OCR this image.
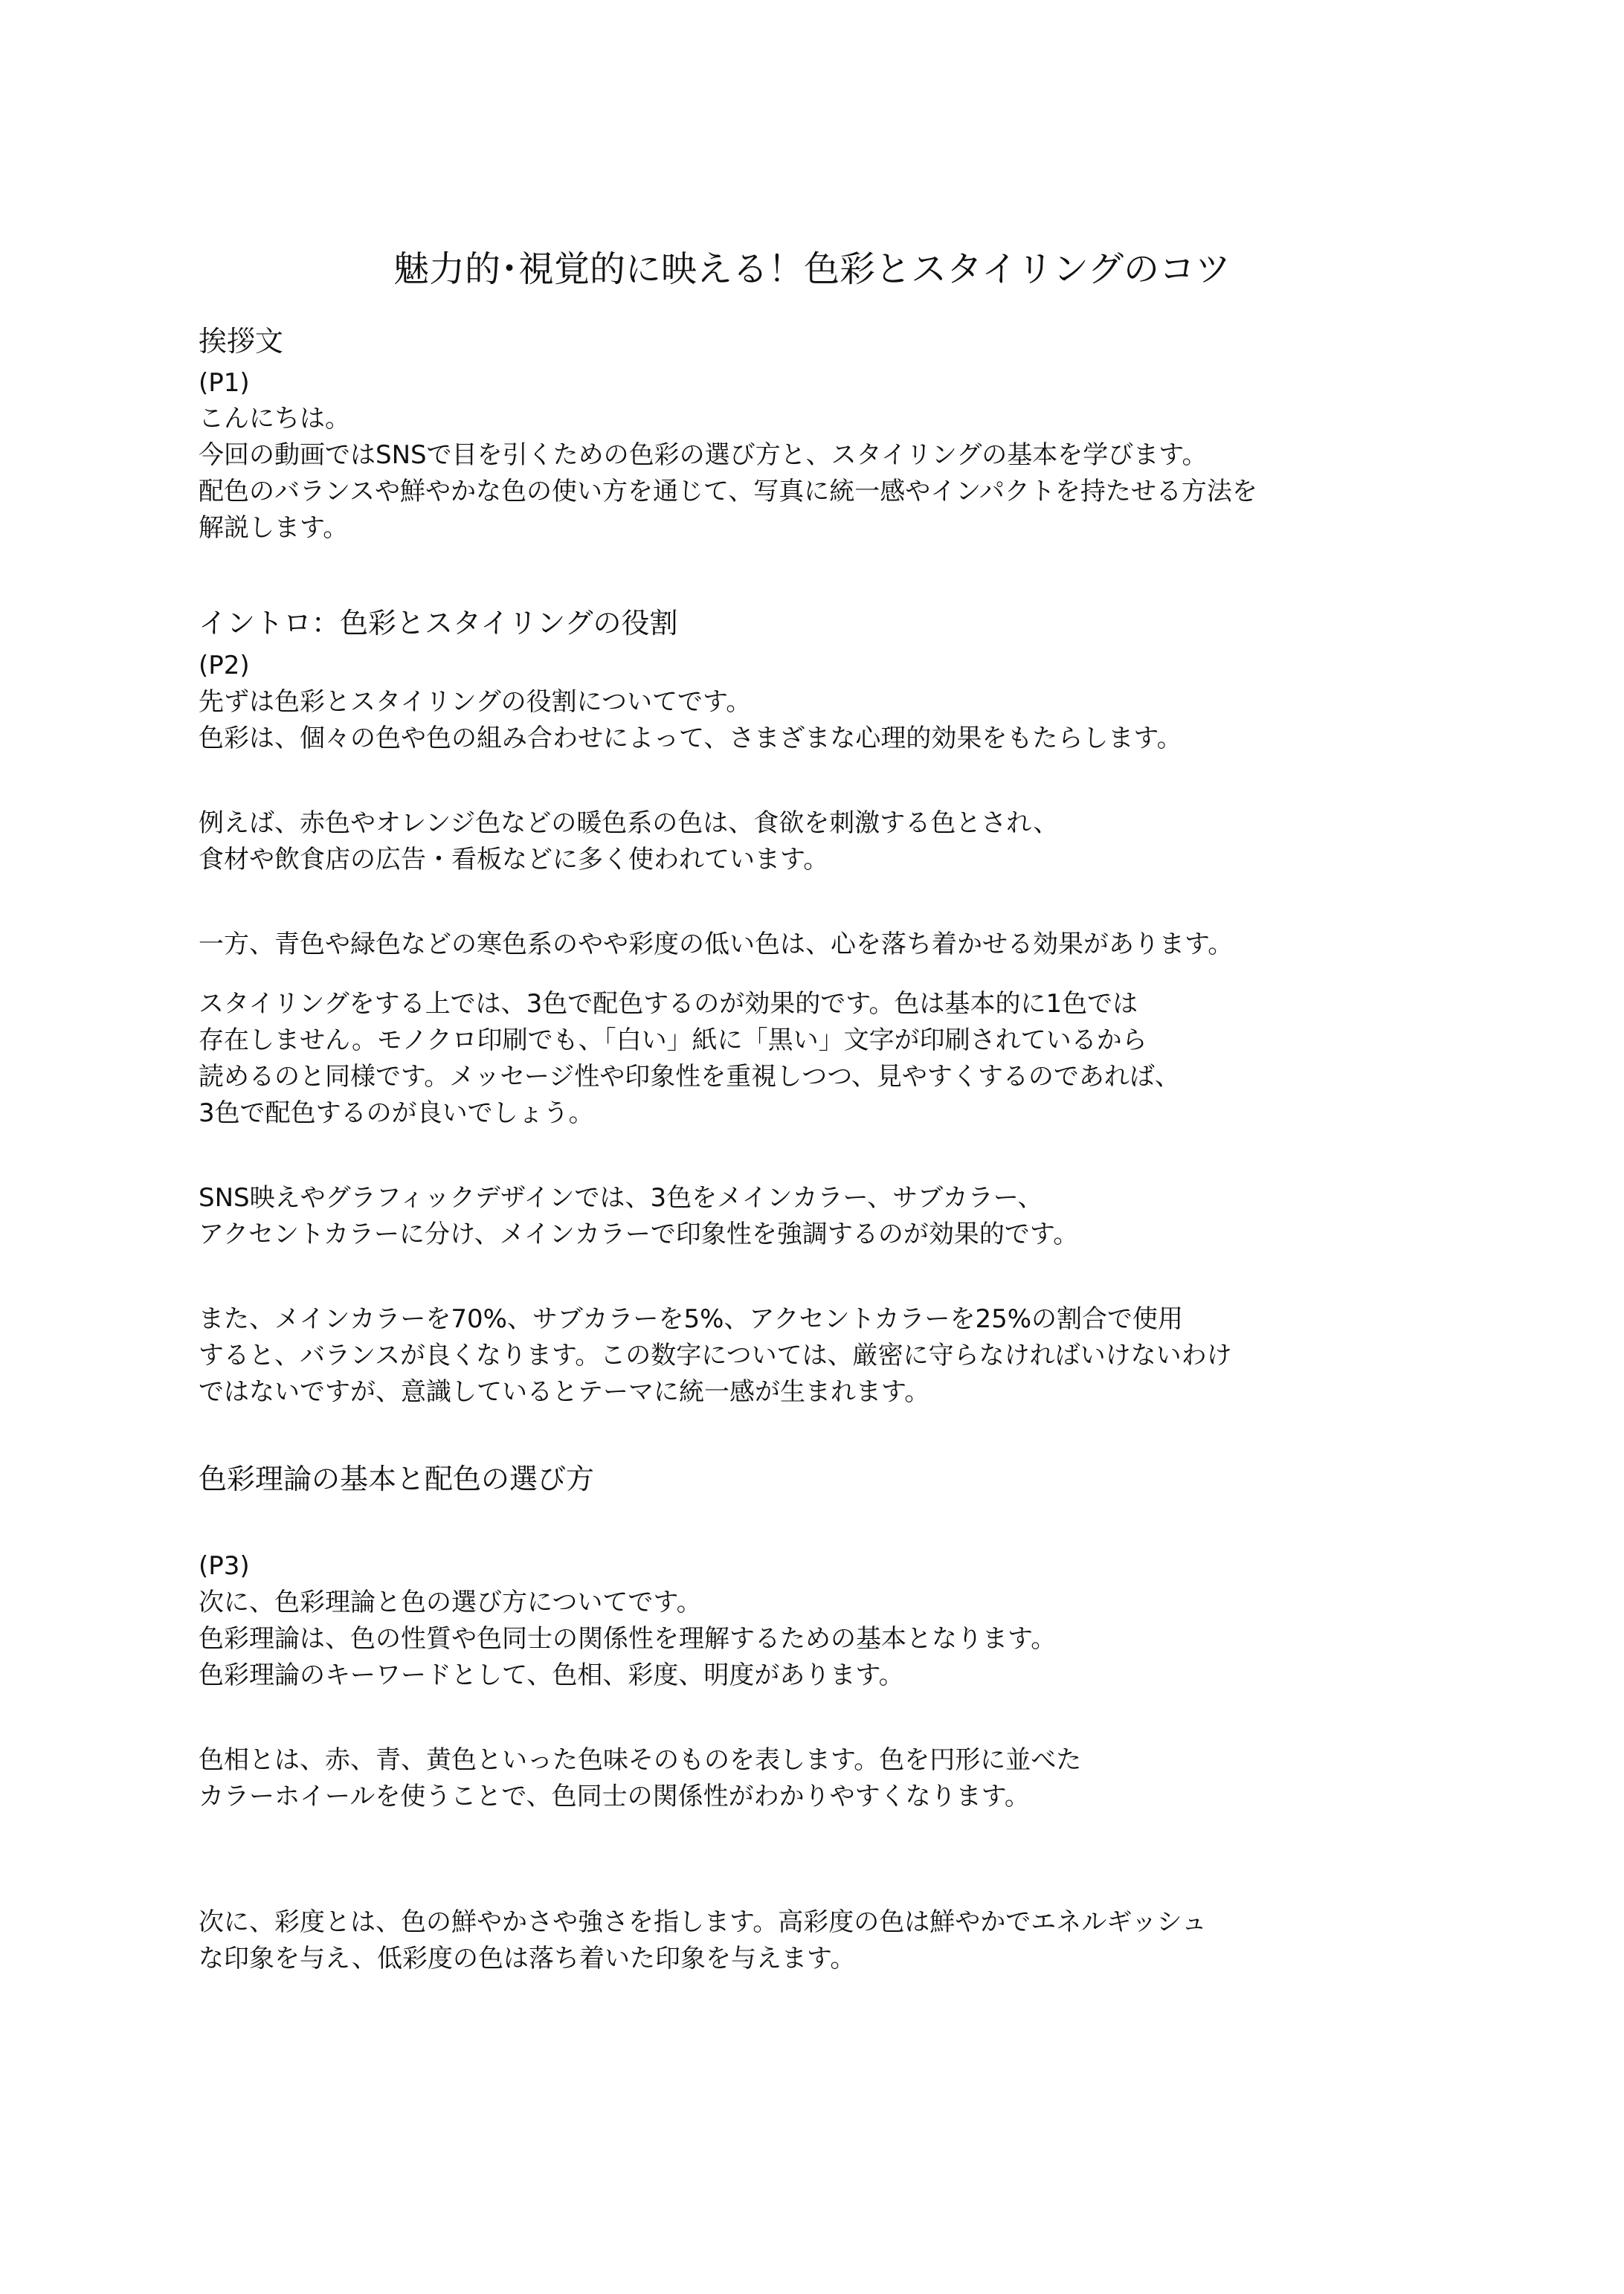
魅力的･視覚的に映える！色彩とスタイリングのコツ
挨拶文
(P1)
こんにちは。
今回の動画ではSNSで目を引くための色彩の選び方と、スタイリングの基本を学びます。
配色のバランスや鮮やかな色の使い方を通じて、写真に統一感やインパクトを持たせる方法を
解説します。
イントロ：色彩とスタイリングの役割
(P2)
先ずは色彩とスタイリングの役割についてです。
色彩は、個々の色や色の組み合わせによって、さまざまな心理的効果をもたらします。
例えば、赤色やオレンジ色などの暖色系の色は、食欲を刺激する色とされ、
食材や飲食店の広告・看板などに多く使われています。
一方、青色や緑色などの寒色系のやや彩度の低い色は、心を落ち着かせる効果があります。
スタイリングをする上では、3色で配色するのが効果的です。色は基本的に1色では
存在しません。モノクロ印刷でも、「白い」紙に「黒い」文字が印刷されているから
読めるのと同様です。メッセージ性や印象性を重視しつつ、見やすくするのであれば、
3色で配色するのが良いでしょう。
SNS映えやグラフィックデザインでは、3色をメインカラー、サブカラー、
アクセントカラーに分け、メインカラーで印象性を強調するのが効果的です。
また、メインカラーを70%、サブカラーを5%、アクセントカラーを25%の割合で使用
すると、バランスが良くなります。この数字については、厳密に守らなければいけないわけ
ではないですが、意識しているとテーマに統一感が生まれます。
色彩理論の基本と配色の選び方
(P3)
次に、色彩理論と色の選び方についてです。
色彩理論は、色の性質や色同士の関係性を理解するための基本となります。
色彩理論のキーワードとして、色相、彩度、明度があります。
色相とは、赤、青、黄色といった色味そのものを表します。色を円形に並べた
カラーホイールを使うことで、色同士の関係性がわかりやすくなります。
次に、彩度とは、色の鮮やかさや強さを指します。高彩度の色は鮮やかでエネルギッシュ
な印象を与え、低彩度の色は落ち着いた印象を与えます。
